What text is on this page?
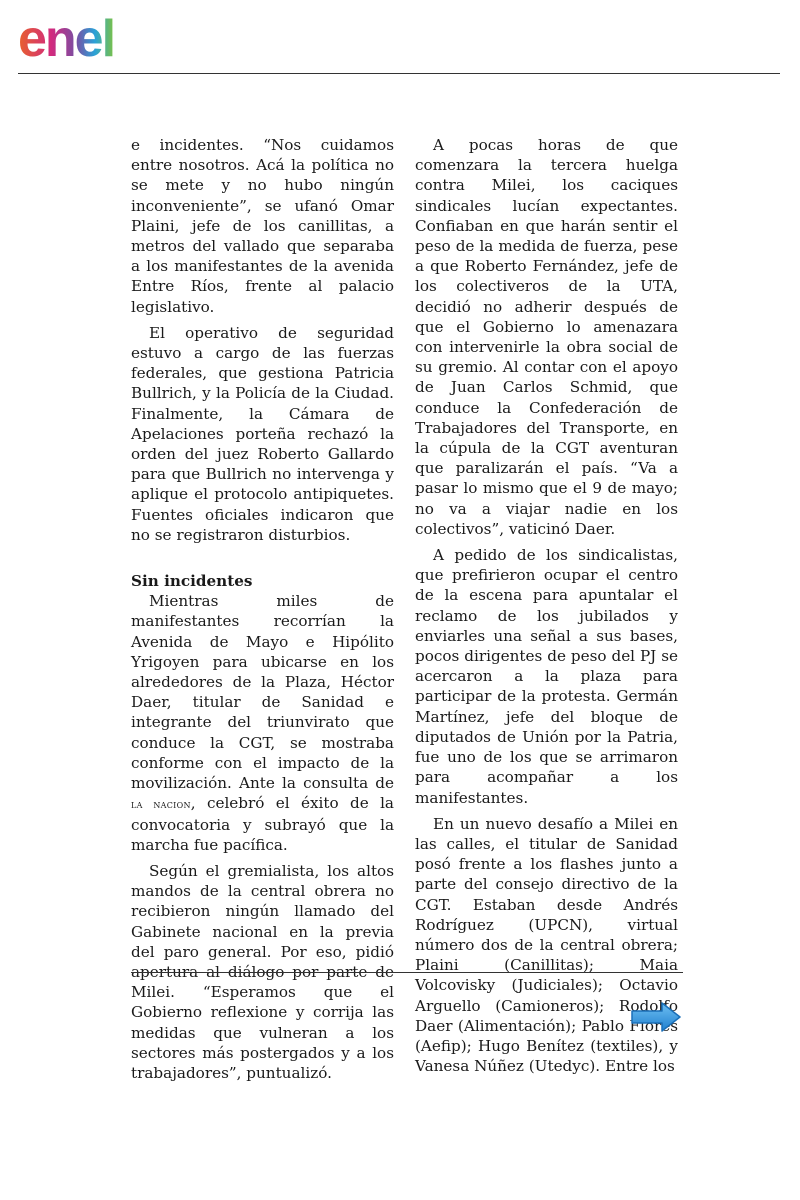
enel

e incidentes. “Nos cuidamos entre nosotros. Acá la política no se mete y no hubo ningún inconveniente”, se ufanó Omar Plaini, jefe de los canillitas, a metros del vallado que separaba a los manifestantes de la avenida Entre Ríos, frente al palacio legislativo.

El operativo de seguridad estuvo a cargo de las fuerzas federales, que gestiona Patricia Bullrich, y la Policía de la Ciudad. Finalmente, la Cámara de Apelaciones porteña rechazó la orden del juez Roberto Gallardo para que Bullrich no intervenga y aplique el protocolo antipiquetes. Fuentes oficiales indicaron que no se registraron disturbios.

Sin incidentes

Mientras miles de manifestantes recorrían la Avenida de Mayo e Hipólito Yrigoyen para ubicarse en los alrededores de la Plaza, Héctor Daer, titular de Sanidad e integrante del triunvirato que conduce la CGT, se mostraba conforme con el impacto de la movilización. Ante la consulta de la nacion, celebró el éxito de la convocatoria y subrayó que la marcha fue pacífica.

Según el gremialista, los altos mandos de la central obrera no recibieron ningún llamado del Gabinete nacional en la previa del paro general. Por eso, pidió apertura al diálogo por parte de Milei. “Esperamos que el Gobierno reflexione y corrija las medidas que vulneran a los sectores más postergados y a los trabajadores”, puntualizó.

A pocas horas de que comenzara la tercera huelga contra Milei, los caciques sindicales lucían expectantes. Confiaban en que harán sentir el peso de la medida de fuerza, pese a que Roberto Fernández, jefe de los colectiveros de la UTA, decidió no adherir después de que el Gobierno lo amenazara con intervenirle la obra social de su gremio. Al contar con el apoyo de Juan Carlos Schmid, que conduce la Confederación de Trabajadores del Transporte, en la cúpula de la CGT aventuran que paralizarán el país. “Va a pasar lo mismo que el 9 de mayo; no va a viajar nadie en los colectivos”, vaticinó Daer.

A pedido de los sindicalistas, que prefirieron ocupar el centro de la escena para apuntalar el reclamo de los jubilados y enviarles una señal a sus bases, pocos dirigentes de peso del PJ se acercaron a la plaza para participar de la protesta. Germán Martínez, jefe del bloque de diputados de Unión por la Patria, fue uno de los que se arrimaron para acompañar a los manifestantes.

En un nuevo desafío a Milei en las calles, el titular de Sanidad posó frente a los flashes junto a parte del consejo directivo de la CGT. Estaban desde Andrés Rodríguez (UPCN), virtual número dos de la central obrera; Plaini (Canillitas); Maia Volcovisky (Judiciales); Octavio Arguello (Camioneros); Rodolfo Daer (Alimentación); Pablo Flores (Aefip); Hugo Benítez (textiles), y Vanesa Núñez (Utedyc). Entre los
